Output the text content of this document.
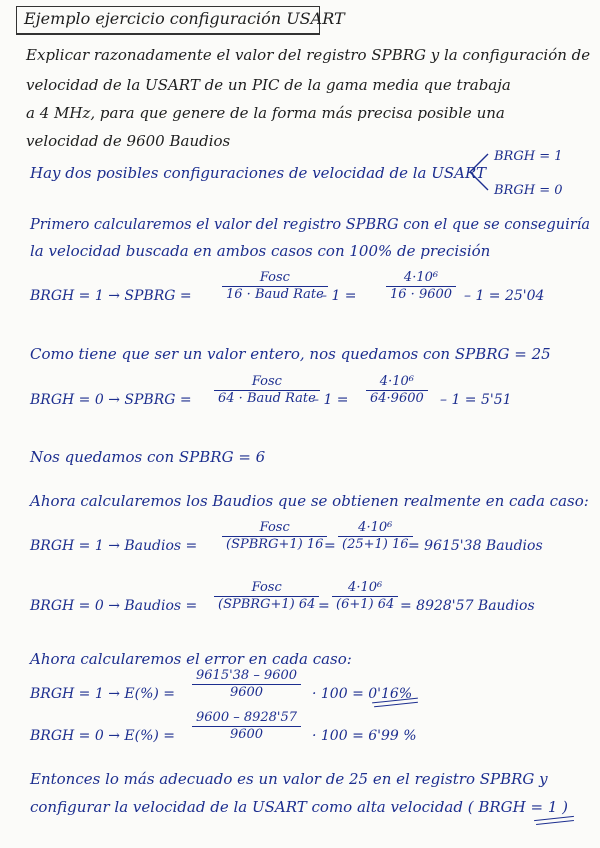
Ejemplo ejercicio configuración USART
Explicar razonadamente el valor del registro SPBRG y la configuración de
velocidad de la USART de un PIC de la gama media que trabaja
a 4 MHz, para que genere de la forma más precisa posible una
velocidad de 9600 Baudios
Hay dos posibles configuraciones de velocidad de la USART
BRGH = 1
BRGH = 0
Primero calcularemos el valor del registro SPBRG con el que se conseguiría
la velocidad buscada en ambos casos con 100% de precisión
BRGH = 1 → SPBRG =
Fosc
16 · Baud Rate
– 1 =
4·10⁶
16 · 9600 – 1 = 25'04
Como tiene que ser un valor entero, nos quedamos con SPBRG = 25
BRGH = 0 → SPBRG =
Fosc
64 · Baud Rate
– 1 =
4·10⁶
64·9600 – 1 = 5'51
Nos quedamos con SPBRG = 6
Ahora calcularemos los Baudios que se obtienen realmente en cada caso:
BRGH = 1 → Baudios =
Fosc
(SPBRG+1) 16 =
4·10⁶
(25+1) 16 = 9615'38 Baudios
BRGH = 0 → Baudios =
Fosc
(SPBRG+1) 64 =
4·10⁶
(6+1) 64 = 8928'57 Baudios
Ahora calcularemos el error en cada caso:
BRGH = 1 → E(%) =
9615'38 – 9600
9600	· 100 = 0'16%
BRGH = 0 → E(%) =
9600 – 8928'57
9600	· 100 = 6'99 %
Entonces lo más adecuado es un valor de 25 en el registro SPBRG y
configurar la velocidad de la USART como alta velocidad ( BRGH = 1 )
